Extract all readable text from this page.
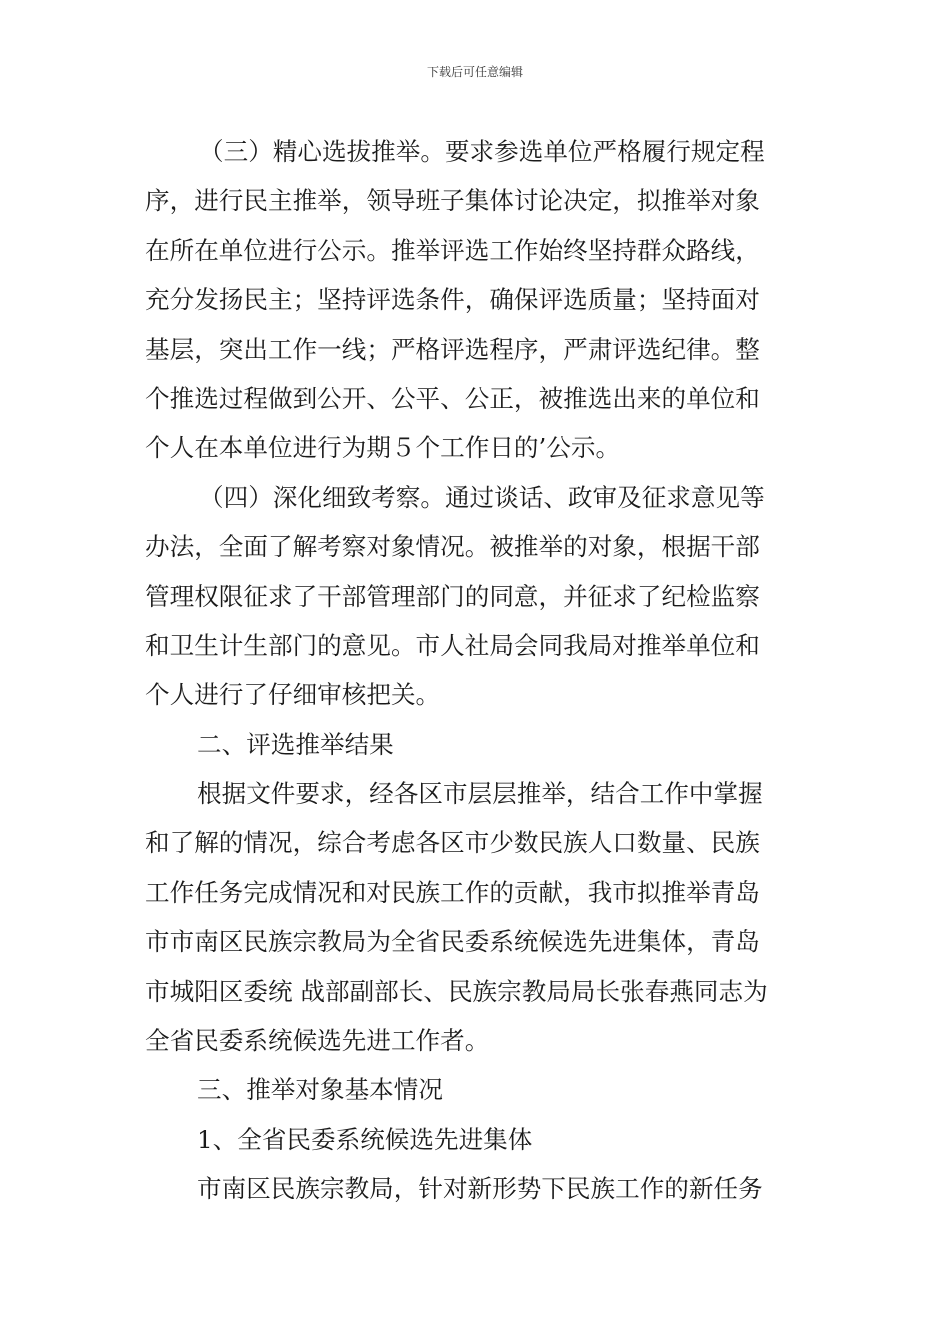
下载后可任意编辑
（三）精心选拔推举。要求参选单位严格履行规定程
序，进行民主推举，领导班子集体讨论决定，拟推举对象
在所在单位进行公示。推举评选工作始终坚持群众路线，
充分发扬民主；坚持评选条件，确保评选质量；坚持面对
基层，突出工作一线；严格评选程序，严肃评选纪律。整
个推选过程做到公开、公平、公正，被推选出来的单位和
个人在本单位进行为期５个工作日的’公示。
（四）深化细致考察。通过谈话、政审及征求意见等
办法，全面了解考察对象情况。被推举的对象，根据干部
管理权限征求了干部管理部门的同意，并征求了纪检监察
和卫生计生部门的意见。市人社局会同我局对推举单位和
个人进行了仔细审核把关。
二、评选推举结果
根据文件要求，经各区市层层推举，结合工作中掌握
和了解的情况，综合考虑各区市少数民族人口数量、民族
工作任务完成情况和对民族工作的贡献，我市拟推举青岛
市市南区民族宗教局为全省民委系统候选先进集体，青岛
市城阳区委统 战部副部长、民族宗教局局长张春燕同志为
全省民委系统候选先进工作者。
三、推举对象基本情况
1、全省民委系统候选先进集体
市南区民族宗教局，针对新形势下民族工作的新任务
